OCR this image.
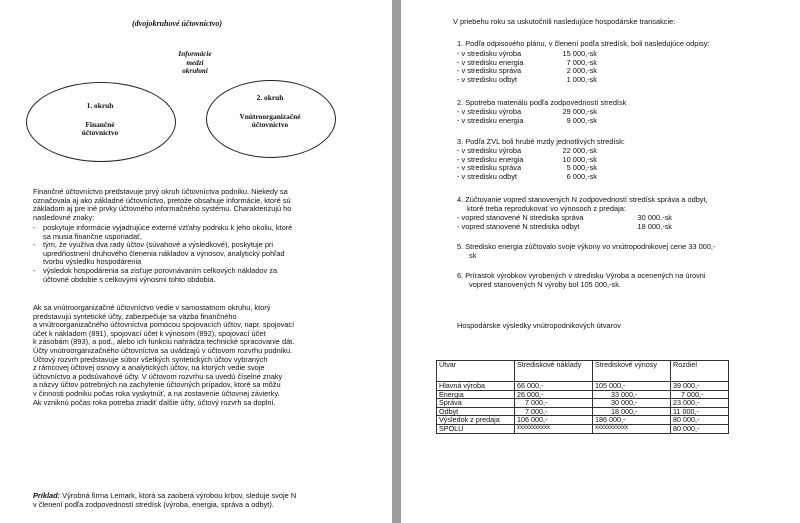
(dvojokruhové účtovníctvo)
Informácie
medzi
okruhmi
1. okruh
Finančné
účtovníctvo
2. okruh
Vnútroorganizačné
účtovníctvo
Finančné účtovníctvo predstavuje prvý okruh účtovníctva podniku. Niekedy sa
označovala aj ako základné účtovníctvo, pretože obsahuje informácie, ktoré sú
základom aj pre iné prvky účtovného informačného systému. Charakterizujú ho
nasledovné znaky:
- poskytuje informácie vyjadrujúce externé vzťahy podniku k jeho okoliu, ktoré
sa musia finančne usporiadať,
- tým, že využíva dva rady účtov (súvahové a výsledkové), poskytuje pri
upredňostnení druhového členenia nákladov a výnosov, analytický pohľad
tvorbu výsledku hospodárenia
- výsledok hospodárenia sa zisťuje porovnávaním celkových nákladov za
účtovné obdobie s celkovými výnosmi tohto obdobia.
Ak sa vnútroorganizačné účtovníctvo vedie v samostatnom okruhu, ktorý
predstavujú syntetické účty, zabezpečuje sa väzba finančného
a vnútroorganizačného účtovníctva pomocou spojovacích účtov, napr. spojovací
účet k nákladom (891), spojovací účet k výnosom (892), spojovací účet
k zásobám (893), a pod., alebo ich funkciu nahrádza technické spracovanie dát.
Účty vnútroorganizačného účtovníctva sa uvádzajú v účtovom rozvrhu podniku.
Účtový rozvrh predstavuje súbor všetkých syntetických účtov vybraných
z rámcovej účtovej osnovy a analytických účtov, na ktorých vedie svoje
účtovníctvo a podsúvahové účty. V účtovom rozvrhu sa uvedú číselné znaky
a názvy účtov potrebných na zachytenie účtovných prípadov, ktoré sa môžu
v činnosti podniku počas roka vyskytnúť, a na zostavenie účtovnej závierky.
Ak vzniknú počas roka potreba zriadiť ďalšie účty, účtový rozvrh sa doplní.
Príklad: Výrobná firma Lemark, ktorá sa zaoberá výrobou krbov, sleduje svoje N
v členení podľa zodpovedností stredísk (výroba, energia, správa a odbyt).
V priebehu roku sa uskutočnili nasledujúce hospodárske transakcie:
1. Podľa odpisového plánu, v členení podľa stredísk, boli nasledujúce odpisy:
- v stredisku výroba	15 000,-sk
- v stredisku energia	7 000,-sk
- v stredisku správa	2 000,-sk
- v stredisku odbyt	1 000,-sk
2. Spotreba materiálu podľa zodpovedností stredísk
- v stredisku výroba	29 000,-sk
- v stredisku energia	9 000,-sk
3. Podľa ZVL boli hrubé mzdy jednotlivých stredísk:
- v stredisku výroba	22 000,-sk
- v stredisku energia	10 000,-sk
- v stredisku správa	5 000,-sk
- v stredisku odbyt	6 000,-sk
4. Zúčtovanie vopred stanovených N zodpovedností stredísk správa a odbyt,
ktoré treba reprodukovať vo výnosoch z predaja:
- vopred stanovené N strediska správa	30 000,-sk
- vopred stanovené N strediska odbyt	18 000,-sk
5. Stredisko energia zúčtovalo svoje výkony vo vnútropodnikovej cene 33 000,-
sk
6. Prírastok výrobkov vyrobených v stredisku Výroba a ocenených na úrovni
vopred stanovených N výroby bol 105 000,-sk.
Hospodárske výsledky vnútropodnikových útvarov
Útvar	Strediskové náklady	Strediskové výnosy	Rozdiel
Hlavná výroba	66 000,-	105 000,-	39 000,-
Energia	26 000,-	33 000,-	7 000,-
Správa	7 000,-	30 000,-	23 000,-
Odbyt	7 000,-	18 000,-	11 000,-
Výsledok z predaja	106 000,-	186 000,-	80 000,-
SPOLU	xxxxxxxxxxx	xxxxxxxxxxx	80 000,-
